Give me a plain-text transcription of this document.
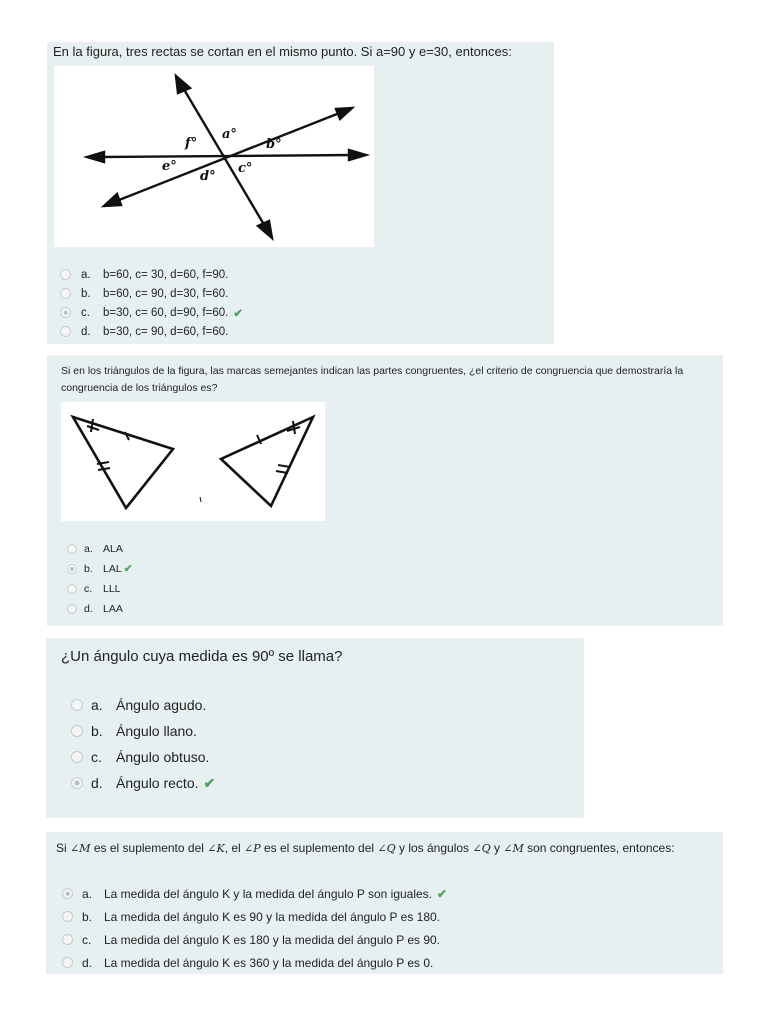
En la figura, tres rectas se cortan en el mismo punto. Si a=90 y e=30, entonces:

a°
b°
c°
d°
e°
f°
a.	b=60, c= 30, d=60, f=90.
b.	b=60, c= 90, d=30, f=60.
c.	b=30, c= 60, d=90, f=60. ✔
d.	b=30, c= 90, d=60, f=60.

Si en los triángulos de la figura, las marcas semejantes indican las partes congruentes, ¿el criterio de congruencia que demostraría la congruencia de los triángulos es?

a. ALA
b. LAL ✔
c.	LLL
d. LAA

¿Un ángulo cuya medida es 90º se llama?

a. Ángulo agudo.
b. Ángulo llano.
c.	Ángulo obtuso.
d. Ángulo recto. ✔

Si ∠M es el suplemento del ∠K, el ∠P es el suplemento del ∠Q y los ángulos ∠Q y ∠M son congruentes, entonces:

a. La medida del ángulo K y la medida del ángulo P son iguales. ✔
b. La medida del ángulo K es 90 y la medida del ángulo P es 180.
c.	La medida del ángulo K es 180 y la medida del ángulo P es 90.
d. La medida del ángulo K es 360 y la medida del ángulo P es 0.
